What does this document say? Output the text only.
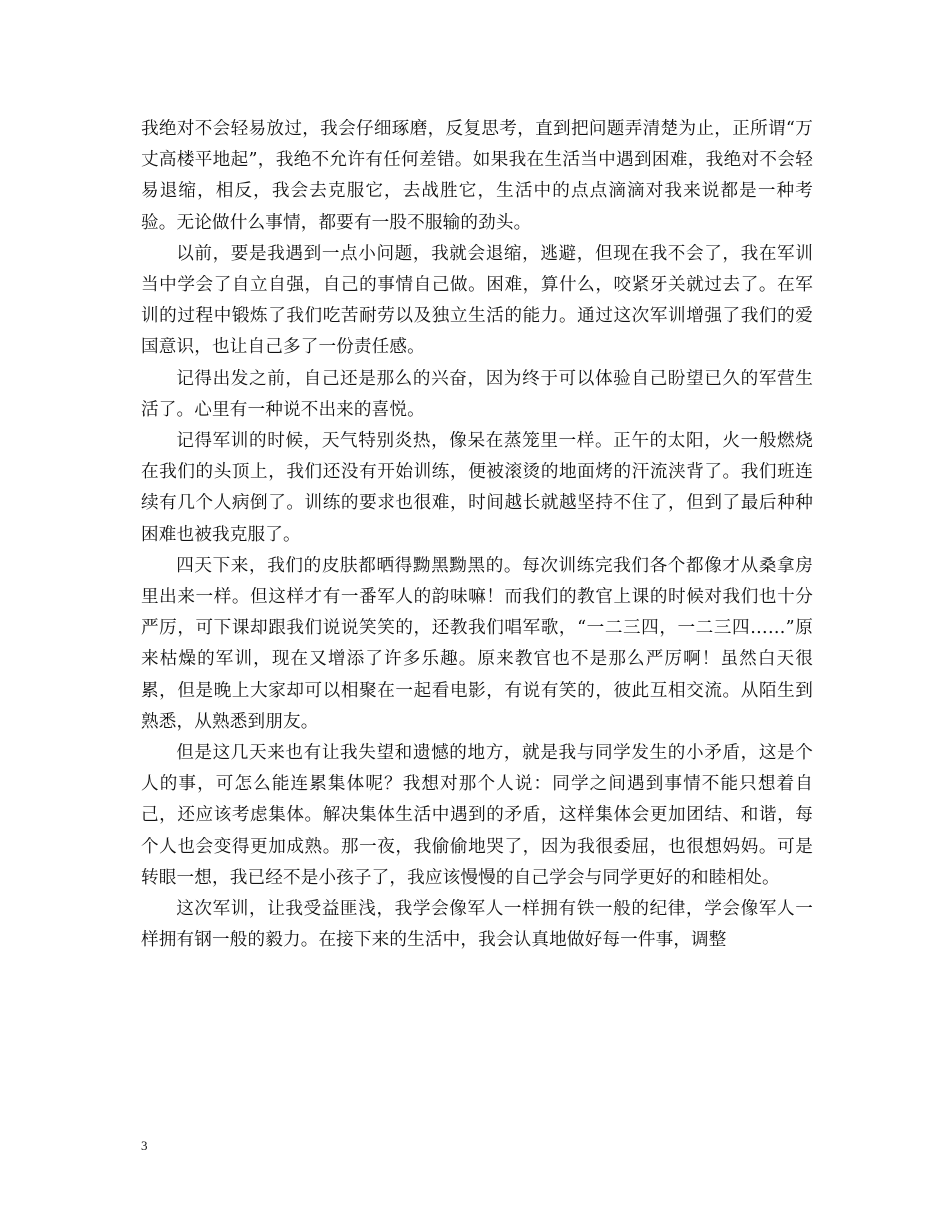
我绝对不会轻易放过，我会仔细琢磨，反复思考，直到把问题弄清楚为止，正所谓“万丈高楼平地起”，我绝不允许有任何差错。如果我在生活当中遇到困难，我绝对不会轻易退缩，相反，我会去克服它，去战胜它，生活中的点点滴滴对我来说都是一种考验。无论做什么事情，都要有一股不服输的劲头。

以前，要是我遇到一点小问题，我就会退缩，逃避，但现在我不会了，我在军训当中学会了自立自强，自己的事情自己做。困难，算什么，咬紧牙关就过去了。在军训的过程中锻炼了我们吃苦耐劳以及独立生活的能力。通过这次军训增强了我们的爱国意识，也让自己多了一份责任感。

记得出发之前，自己还是那么的兴奋，因为终于可以体验自己盼望已久的军营生活了。心里有一种说不出来的喜悦。

记得军训的时候，天气特别炎热，像呆在蒸笼里一样。正午的太阳，火一般燃烧在我们的头顶上，我们还没有开始训练，便被滚烫的地面烤的汗流浃背了。我们班连续有几个人病倒了。训练的要求也很难，时间越长就越坚持不住了，但到了最后种种困难也被我克服了。

四天下来，我们的皮肤都晒得黝黑黝黑的。每次训练完我们各个都像才从桑拿房里出来一样。但这样才有一番军人的韵味嘛！而我们的教官上课的时候对我们也十分严厉，可下课却跟我们说说笑笑的，还教我们唱军歌，“一二三四，一二三四……”原来枯燥的军训，现在又增添了许多乐趣。原来教官也不是那么严厉啊！虽然白天很累，但是晚上大家却可以相聚在一起看电影，有说有笑的，彼此互相交流。从陌生到熟悉，从熟悉到朋友。

但是这几天来也有让我失望和遗憾的地方，就是我与同学发生的小矛盾，这是个人的事，可怎么能连累集体呢？我想对那个人说：同学之间遇到事情不能只想着自己，还应该考虑集体。解决集体生活中遇到的矛盾，这样集体会更加团结、和谐，每个人也会变得更加成熟。那一夜，我偷偷地哭了，因为我很委屈，也很想妈妈。可是转眼一想，我已经不是小孩子了，我应该慢慢的自己学会与同学更好的和睦相处。

这次军训，让我受益匪浅，我学会像军人一样拥有铁一般的纪律，学会像军人一样拥有钢一般的毅力。在接下来的生活中，我会认真地做好每一件事，调整

3
